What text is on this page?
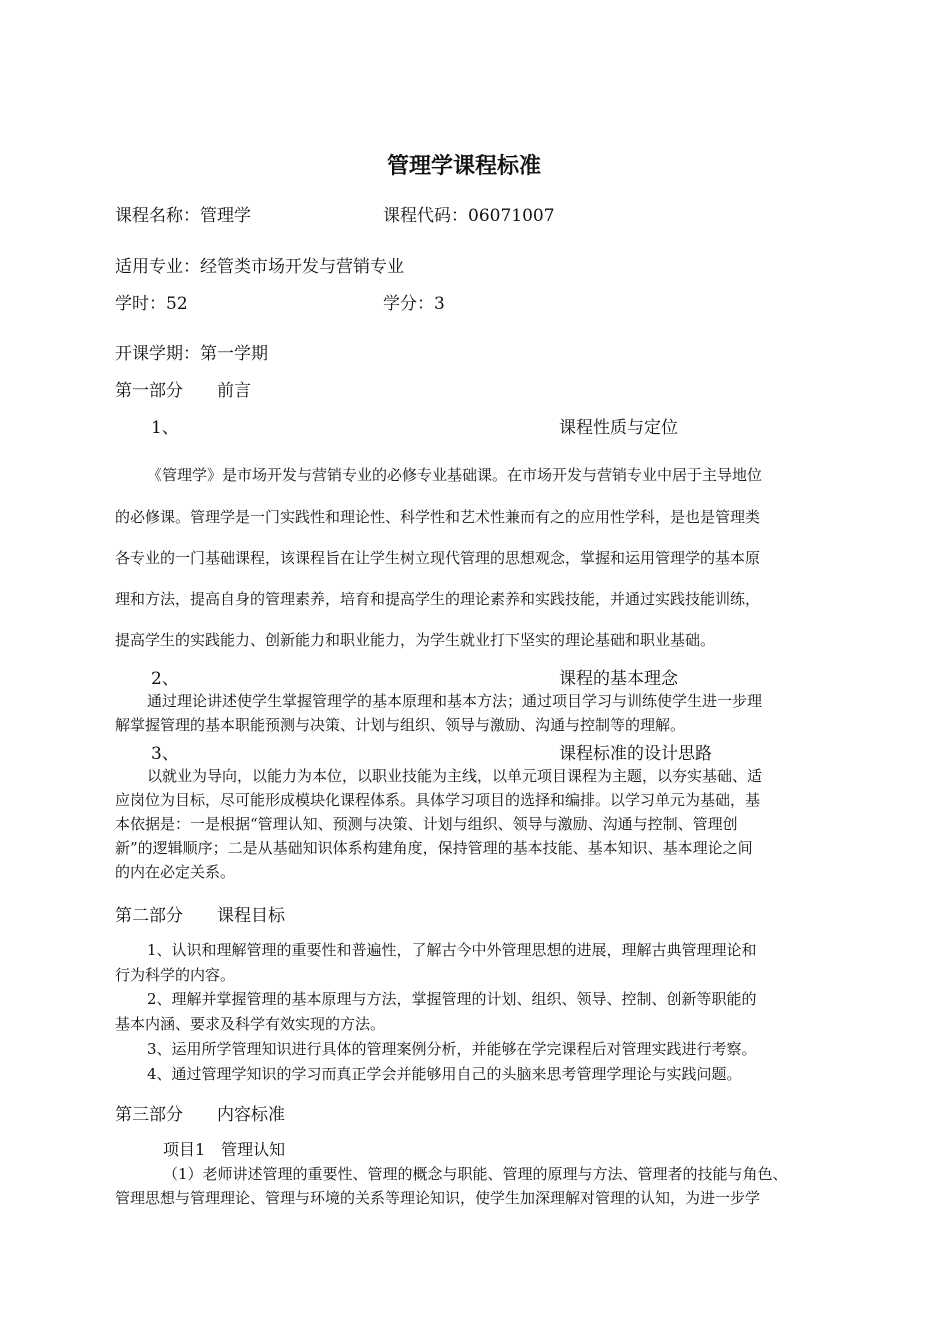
管理学课程标准
课程名称：管理学	课程代码：06071007
适用专业：经管类市场开发与营销专业
学时：52	学分：3
开课学期：第一学期
第一部分　　前言
1、	课程性质与定位
《管理学》是市场开发与营销专业的必修专业基础课。在市场开发与营销专业中居于主导地位
的必修课。管理学是一门实践性和理论性、科学性和艺术性兼而有之的应用性学科，是也是管理类
各专业的一门基础课程，该课程旨在让学生树立现代管理的思想观念，掌握和运用管理学的基本原
理和方法，提高自身的管理素养，培育和提高学生的理论素养和实践技能，并通过实践技能训练，
提高学生的实践能力、创新能力和职业能力，为学生就业打下坚实的理论基础和职业基础。
2、	课程的基本理念
通过理论讲述使学生掌握管理学的基本原理和基本方法；通过项目学习与训练使学生进一步理
解掌握管理的基本职能预测与决策、计划与组织、领导与激励、沟通与控制等的理解。
3、	课程标准的设计思路
以就业为导向，以能力为本位，以职业技能为主线，以单元项目课程为主题，以夯实基础、适
应岗位为目标，尽可能形成模块化课程体系。具体学习项目的选择和编排。以学习单元为基础，基
本依据是：一是根据“管理认知、预测与决策、计划与组织、领导与激励、沟通与控制、管理创
新”的逻辑顺序；二是从基础知识体系构建角度，保持管理的基本技能、基本知识、基本理论之间
的内在必定关系。
第二部分　　课程目标
1、认识和理解管理的重要性和普遍性，了解古今中外管理思想的进展，理解古典管理理论和
行为科学的内容。
2、理解并掌握管理的基本原理与方法，掌握管理的计划、组织、领导、控制、创新等职能的
基本内涵、要求及科学有效实现的方法。
3、运用所学管理知识进行具体的管理案例分析，并能够在学完课程后对管理实践进行考察。
4、通过管理学知识的学习而真正学会并能够用自己的头脑来思考管理学理论与实践问题。
第三部分　　内容标准
项目1　管理认知
（1）老师讲述管理的重要性、管理的概念与职能、管理的原理与方法、管理者的技能与角色、
管理思想与管理理论、管理与环境的关系等理论知识，使学生加深理解对管理的认知，为进一步学
